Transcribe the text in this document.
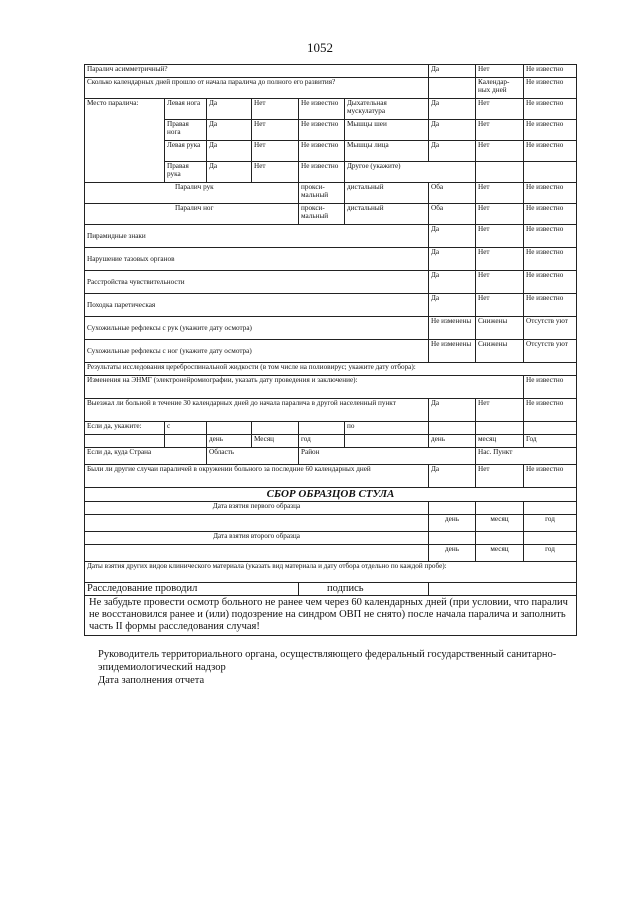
1052
Паралич асимметричный?						Да	Нет	Не известно
Сколько календарных дней прошло от начала паралича до полного его развития?							Календар-ных дней	Не известно
Место паралича:	Левая нога	Да	Нет	Не известно	Дыхательная мускулатура	Да	Нет	Не известно
	Правая нога	Да	Нет	Не известно	Мышцы шеи	Да	Нет	Не известно
	Левая рука	Да	Нет	Не известно	Мышцы лица	Да	Нет	Не известно
	Правая рука	Да	Нет	Не известно	Другое (укажите)			
Паралич рук				прокси-мальный	дистальный	Оба	Нет	Не известно
Паралич ног				прокси-мальный	дистальный	Оба	Нет	Не известно
Пирамидные знаки						Да	Нет	Не известно
Нарушение тазовых органов						Да	Нет	Не известно
Расстройства чувствительности						Да	Нет	Не известно
Походка паретическая						Да	Нет	Не известно
Сухожильные рефлексы с рук (укажите дату осмотра)						Не изменены	Снижены	Отсутств уют
Сухожильные рефлексы с ног (укажите дату осмотра)						Не изменены	Снижены	Отсутств уют
Результаты исследования цереброспинальной жидкости (в том числе на полиовирус; укажите дату отбора):								
Изменения на ЭНМГ (электронейромиографии, указать дату проведения и заключение):								Не известно
Выезжал ли больной в течение 30 календарных дней до начала паралича в другой населенный пункт						Да	Нет	Не известно
Если да, укажите:	с				по			
		день	Месяц	год		день	месяц	Год
Если да, куда Страна		Область		Район			Нас. Пункт	
Были ли другие случаи параличей в окружении больного за последние 60 календарных дней						Да	Нет	Не известно
СБОР ОБРАЗЦОВ СТУЛА								
Дата взятия первого образца								
						день	месяц	год
Дата взятия второго образца								
						день	месяц	год
Даты взятия других видов клинического материала (указать вид материала и дату отбора отдельно по каждой пробе):								
Расследование проводил				подпись				
Не забудьте провести осмотр больного не ранее чем через 60 календарных дней (при условии, что паралич не восстановился ранее и (или) подозрение на синдром ОВП не снято) после начала паралича и заполнить часть II формы расследования случая!								
Руководитель территориального органа, осуществляющего федеральный государственный санитарно-эпидемиологический надзор
Дата заполнения отчета
